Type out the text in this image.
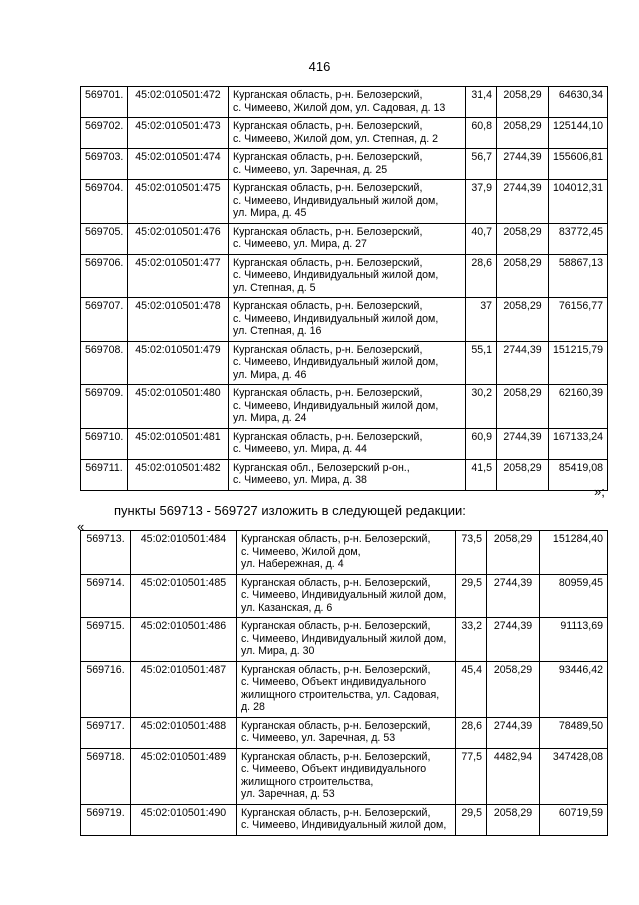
416
569701.	45:02:010501:472	Курганская область, р-н. Белозерский,
с. Чимеево, Жилой дом, ул. Садовая, д. 13	31,4	2058,29	64630,34
569702.	45:02:010501:473	Курганская область, р-н. Белозерский,
с. Чимеево, Жилой дом, ул. Степная, д. 2	60,8	2058,29	125144,10
569703.	45:02:010501:474	Курганская область, р-н. Белозерский,
с. Чимеево, ул. Заречная, д. 25	56,7	2744,39	155606,81
569704.	45:02:010501:475	Курганская область, р-н. Белозерский,
с. Чимеево, Индивидуальный жилой дом,
ул. Мира, д. 45	37,9	2744,39	104012,31
569705.	45:02:010501:476	Курганская область, р-н. Белозерский,
с. Чимеево, ул. Мира, д. 27	40,7	2058,29	83772,45
569706.	45:02:010501:477	Курганская область, р-н. Белозерский,
с. Чимеево, Индивидуальный жилой дом,
ул. Степная, д. 5	28,6	2058,29	58867,13
569707.	45:02:010501:478	Курганская область, р-н. Белозерский,
с. Чимеево, Индивидуальный жилой дом,
ул. Степная, д. 16	37	2058,29	76156,77
569708.	45:02:010501:479	Курганская область, р-н. Белозерский,
с. Чимеево, Индивидуальный жилой дом,
ул. Мира, д. 46	55,1	2744,39	151215,79
569709.	45:02:010501:480	Курганская область, р-н. Белозерский,
с. Чимеево, Индивидуальный жилой дом,
ул. Мира, д. 24	30,2	2058,29	62160,39
569710.	45:02:010501:481	Курганская область, р-н. Белозерский,
с. Чимеево, ул. Мира, д. 44	60,9	2744,39	167133,24
569711.	45:02:010501:482	Курганская обл., Белозерский р-он.,
с. Чимеево, ул. Мира, д. 38	41,5	2058,29	85419,08
»;
пункты 569713 - 569727 изложить в следующей редакции:
«
569713.	45:02:010501:484	Курганская область, р-н. Белозерский,
с. Чимеево, Жилой дом,
ул. Набережная, д. 4	73,5	2058,29	151284,40
569714.	45:02:010501:485	Курганская область, р-н. Белозерский,
с. Чимеево, Индивидуальный жилой дом,
ул. Казанская, д. 6	29,5	2744,39	80959,45
569715.	45:02:010501:486	Курганская область, р-н. Белозерский,
с. Чимеево, Индивидуальный жилой дом,
ул. Мира, д. 30	33,2	2744,39	91113,69
569716.	45:02:010501:487	Курганская область, р-н. Белозерский,
с. Чимеево, Объект индивидуального
жилищного строительства, ул. Садовая,
д. 28	45,4	2058,29	93446,42
569717.	45:02:010501:488	Курганская область, р-н. Белозерский,
с. Чимеево, ул. Заречная, д. 53	28,6	2744,39	78489,50
569718.	45:02:010501:489	Курганская область, р-н. Белозерский,
с. Чимеево, Объект индивидуального
жилищного строительства,
ул. Заречная, д. 53	77,5	4482,94	347428,08
569719.	45:02:010501:490	Курганская область, р-н. Белозерский,
с. Чимеево, Индивидуальный жилой дом,	29,5	2058,29	60719,59
